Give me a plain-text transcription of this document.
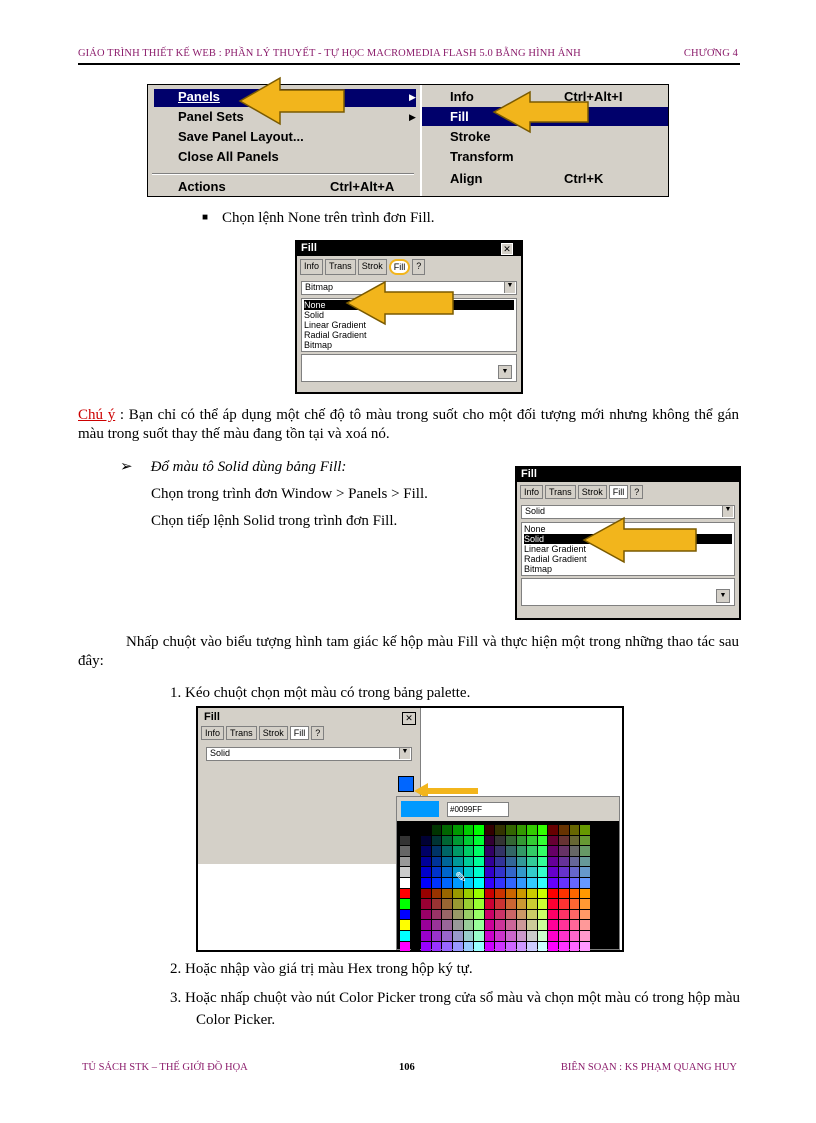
GIÁO TRÌNH THIẾT KẾ WEB : PHẦN LÝ THUYẾT - TỰ HỌC MACROMEDIA FLASH 5.0 BẰNG HÌNH ẢNH	CHƯƠNG 4
Panels
Panel Sets
Save Panel Layout...
Close All Panels
Actions	Ctrl+Alt+A
▶
▶
Info	Ctrl+Alt+I
Fill
Stroke
Transform
Align	Ctrl+K
■ Chọn lệnh None trên trình đơn Fill.
Fill	✕
Info	Trans	Strok	Fill	?
Bitmap	▼
None
Solid
Linear Gradient
Radial Gradient
Bitmap
▼
Chú ý : Bạn chỉ có thể áp dụng một chế độ tô màu trong suốt cho một đối tượng mới nhưng không thể gán màu trong suốt thay thế màu đang tồn tại và xoá nó.
➢ Đổ màu tô Solid dùng bảng Fill:
Chọn trong trình đơn Window > Panels > Fill.
Chọn tiếp lệnh Solid trong trình đơn Fill.
Fill
Info	Trans	Strok	Fill	?
Solid	▼
None
Solid
Linear Gradient
Radial Gradient
Bitmap
▼
Nhấp chuột vào biểu tượng hình tam giác kế hộp màu Fill và thực hiện một trong những thao tác sau đây:
1. Kéo chuột chọn một màu có trong bảng palette.
Fill	✕
Info	Trans	Strok	Fill	?
Solid	▼
#0099FF
✎
2. Hoặc nhập vào giá trị màu Hex trong hộp ký tự.
3. Hoặc nhấp chuột vào nút Color Picker trong cửa sổ màu và chọn một màu có trong hộp màu Color Picker.
TỦ SÁCH STK – THẾ GIỚI ĐỒ HỌA	106	BIÊN SOẠN : KS PHẠM QUANG HUY
